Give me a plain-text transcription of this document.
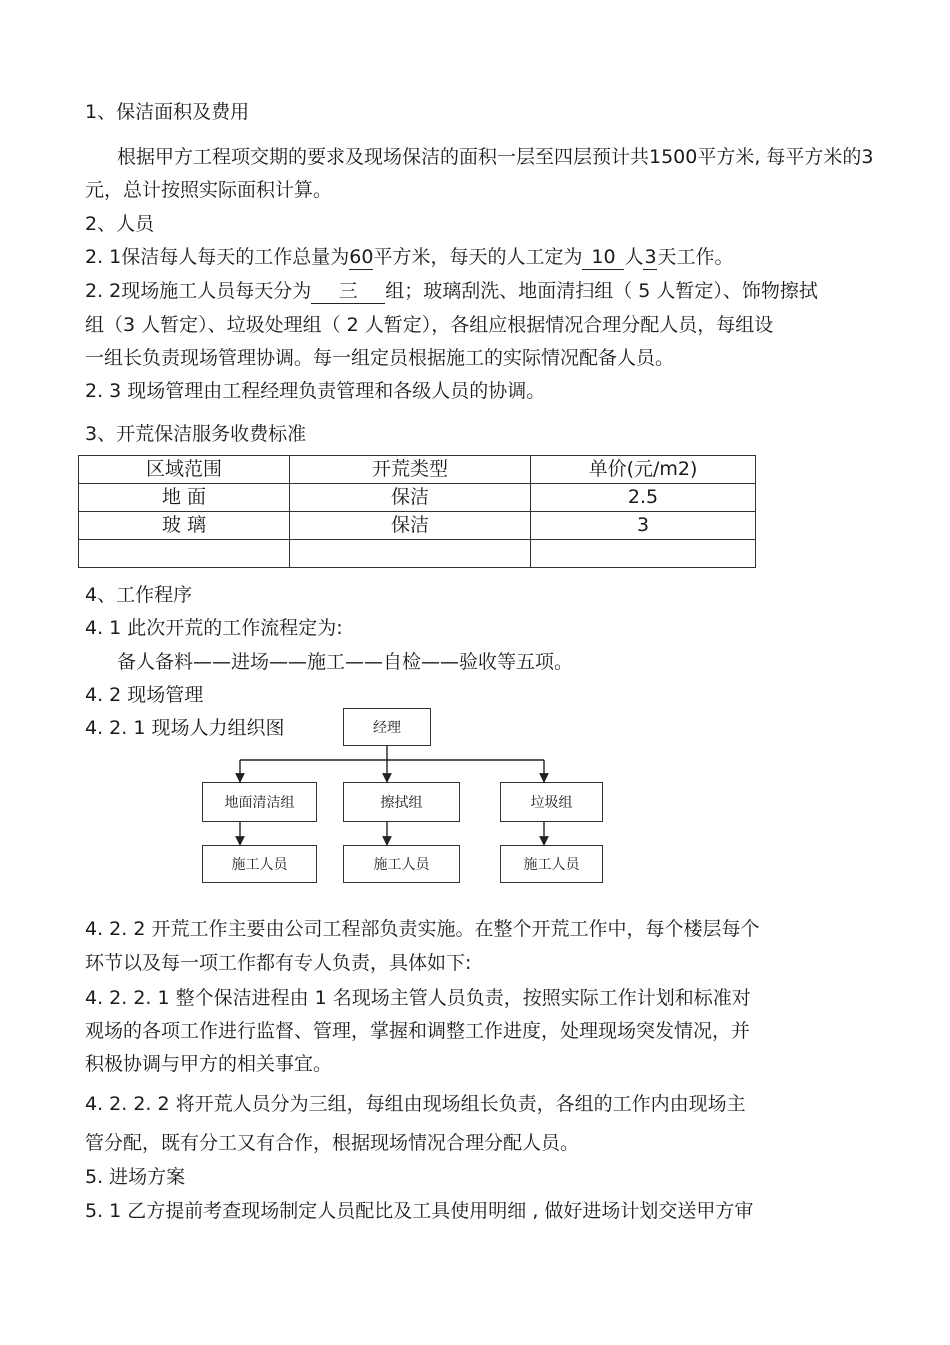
1、保洁面积及费用
根据甲方工程项交期的要求及现场保洁的面积一层至四层预计共1500平方米, 每平方米的3
元，总计按照实际面积计算。
2、人员
2. 1保洁每人每天的工作总量为60平方米，每天的人工定为 10 人3天工作。
2. 2现场施工人员每天分为 三 组；玻璃刮洗、地面清扫组（ 5 人暂定）、饰物擦拭
组（3 人暂定）、垃圾处理组（ 2 人暂定），各组应根据情况合理分配人员，每组设
一组长负责现场管理协调。每一组定员根据施工的实际情况配备人员。
2. 3 现场管理由工程经理负责管理和各级人员的协调。
3、开荒保洁服务收费标准
区域范围	开荒类型	单价(元/m2)
地 面	保洁	2.5
玻 璃	保洁	3

4、工作程序
4. 1 此次开荒的工作流程定为:
备人备料——进场——施工——自检——验收等五项。
4. 2 现场管理
4. 2. 1 现场人力组织图	经理
地面清洁组	擦拭组	垃圾组
施工人员	施工人员	施工人员
4. 2. 2 开荒工作主要由公司工程部负责实施。在整个开荒工作中，每个楼层每个
环节以及每一项工作都有专人负责，具体如下:
4. 2. 2. 1 整个保洁进程由 1 名现场主管人员负责，按照实际工作计划和标准对
观场的各项工作进行监督、管理，掌握和调整工作进度，处理现场突发情况，并
积极协调与甲方的相关事宜。
4. 2. 2. 2 将开荒人员分为三组，每组由现场组长负责，各组的工作内由现场主
管分配，既有分工又有合作，根据现场情况合理分配人员。
5. 进场方案
5. 1 乙方提前考查现场制定人员配比及工具使用明细 , 做好进场计划交送甲方审
